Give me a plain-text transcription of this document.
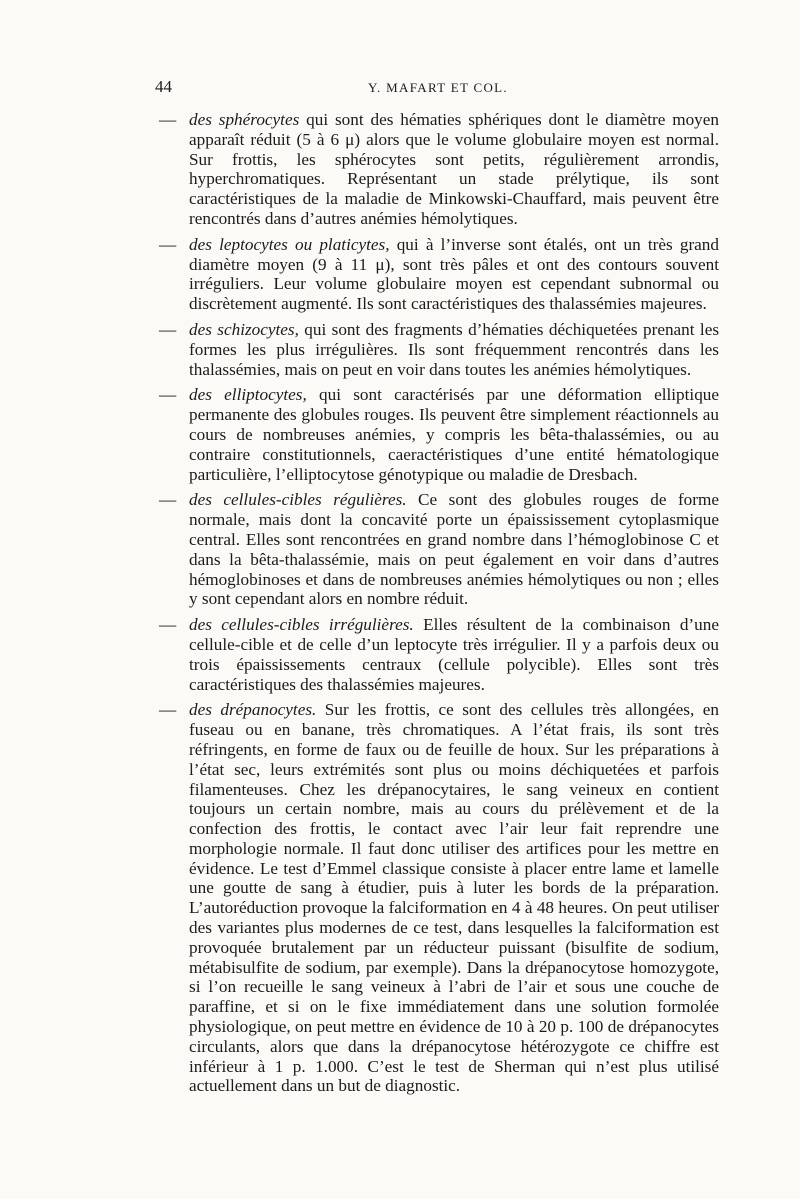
44	Y. MAFART ET COL.

— des sphérocytes qui sont des hématies sphériques dont le diamètre moyen apparaît réduit (5 à 6 μ) alors que le volume globulaire moyen est normal. Sur frottis, les sphérocytes sont petits, régulièrement arrondis, hyperchromatiques. Représentant un stade prélytique, ils sont caractéristiques de la maladie de Minkowski-Chauffard, mais peuvent être rencontrés dans d’autres anémies hémolytiques.

— des leptocytes ou platicytes, qui à l’inverse sont étalés, ont un très grand diamètre moyen (9 à 11 μ), sont très pâles et ont des contours souvent irréguliers. Leur volume globulaire moyen est cependant subnormal ou discrètement augmenté. Ils sont caractéristiques des thalassémies majeures.

— des schizocytes, qui sont des fragments d’hématies déchiquetées prenant les formes les plus irrégulières. Ils sont fréquemment rencontrés dans les thalassémies, mais on peut en voir dans toutes les anémies hémolytiques.

— des elliptocytes, qui sont caractérisés par une déformation elliptique permanente des globules rouges. Ils peuvent être simplement réactionnels au cours de nombreuses anémies, y compris les bêta-thalassémies, ou au contraire constitutionnels, caeractéristiques d’une entité hématologique particulière, l’elliptocytose génotypique ou maladie de Dresbach.

— des cellules-cibles régulières. Ce sont des globules rouges de forme normale, mais dont la concavité porte un épaississement cytoplasmique central. Elles sont rencontrées en grand nombre dans l’hémoglobinose C et dans la bêta-thalassémie, mais on peut également en voir dans d’autres hémoglobinoses et dans de nombreuses anémies hémolytiques ou non ; elles y sont cependant alors en nombre réduit.

— des cellules-cibles irrégulières. Elles résultent de la combinaison d’une cellule-cible et de celle d’un leptocyte très irrégulier. Il y a parfois deux ou trois épaississements centraux (cellule polycible). Elles sont très caractéristiques des thalassémies majeures.

— des drépanocytes. Sur les frottis, ce sont des cellules très allongées, en fuseau ou en banane, très chromatiques. A l’état frais, ils sont très réfringents, en forme de faux ou de feuille de houx. Sur les préparations à l’état sec, leurs extrémités sont plus ou moins déchiquetées et parfois filamenteuses. Chez les drépanocytaires, le sang veineux en contient toujours un certain nombre, mais au cours du prélèvement et de la confection des frottis, le contact avec l’air leur fait reprendre une morphologie normale. Il faut donc utiliser des artifices pour les mettre en évidence. Le test d’Emmel classique consiste à placer entre lame et lamelle une goutte de sang à étudier, puis à luter les bords de la préparation. L’autoréduction provoque la falciformation en 4 à 48 heures. On peut utiliser des variantes plus modernes de ce test, dans lesquelles la falciformation est provoquée brutalement par un réducteur puissant (bisulfite de sodium, métabisulfite de sodium, par exemple). Dans la drépanocytose homozygote, si l’on recueille le sang veineux à l’abri de l’air et sous une couche de paraffine, et si on le fixe immédiatement dans une solution formolée physiologique, on peut mettre en évidence de 10 à 20 p. 100 de drépanocytes circulants, alors que dans la drépanocytose hétérozygote ce chiffre est inférieur à 1 p. 1.000. C’est le test de Sherman qui n’est plus utilisé actuellement dans un but de diagnostic.
